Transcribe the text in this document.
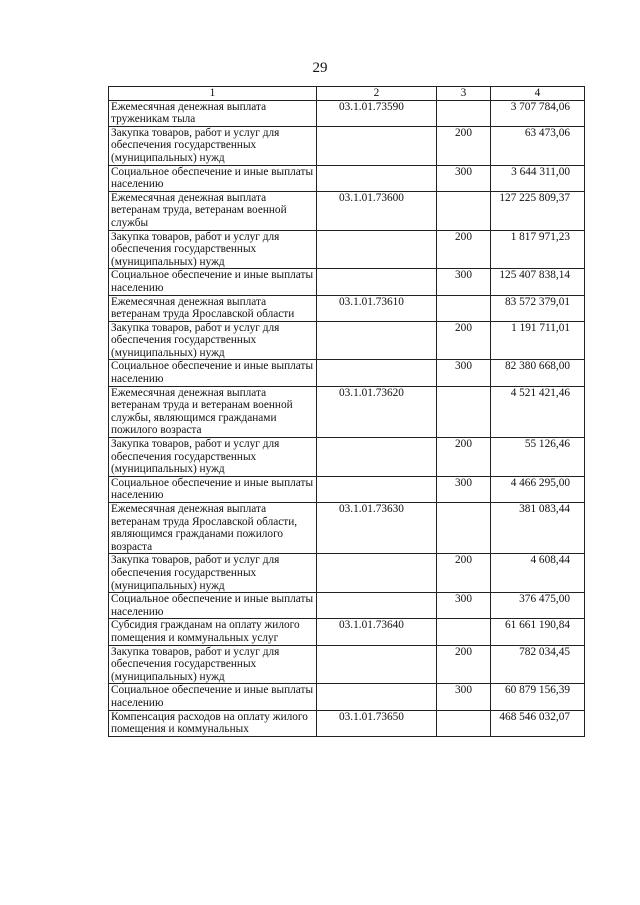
29
1	2	3	4
Ежемесячная денежная выплата труженикам тыла	03.1.01.73590		3 707 784,06
Закупка товаров, работ и услуг для обеспечения государственных (муниципальных) нужд		200	63 473,06
Социальное обеспечение и иные выплаты населению		300	3 644 311,00
Ежемесячная денежная выплата ветеранам труда, ветеранам военной службы	03.1.01.73600		127 225 809,37
Закупка товаров, работ и услуг для обеспечения государственных (муниципальных) нужд		200	1 817 971,23
Социальное обеспечение и иные выплаты населению		300	125 407 838,14
Ежемесячная денежная выплата ветеранам труда Ярославской области	03.1.01.73610		83 572 379,01
Закупка товаров, работ и услуг для обеспечения государственных (муниципальных) нужд		200	1 191 711,01
Социальное обеспечение и иные выплаты населению		300	82 380 668,00
Ежемесячная денежная выплата ветеранам труда и ветеранам военной службы, являющимся гражданами пожилого возраста	03.1.01.73620		4 521 421,46
Закупка товаров, работ и услуг для обеспечения государственных (муниципальных) нужд		200	55 126,46
Социальное обеспечение и иные выплаты населению		300	4 466 295,00
Ежемесячная денежная выплата ветеранам труда Ярославской области, являющимся гражданами пожилого возраста	03.1.01.73630		381 083,44
Закупка товаров, работ и услуг для обеспечения государственных (муниципальных) нужд		200	4 608,44
Социальное обеспечение и иные выплаты населению		300	376 475,00
Субсидия гражданам на оплату жилого помещения и коммунальных услуг	03.1.01.73640		61 661 190,84
Закупка товаров, работ и услуг для обеспечения государственных (муниципальных) нужд		200	782 034,45
Социальное обеспечение и иные выплаты населению		300	60 879 156,39
Компенсация расходов на оплату жилого помещения и коммунальных	03.1.01.73650		468 546 032,07
